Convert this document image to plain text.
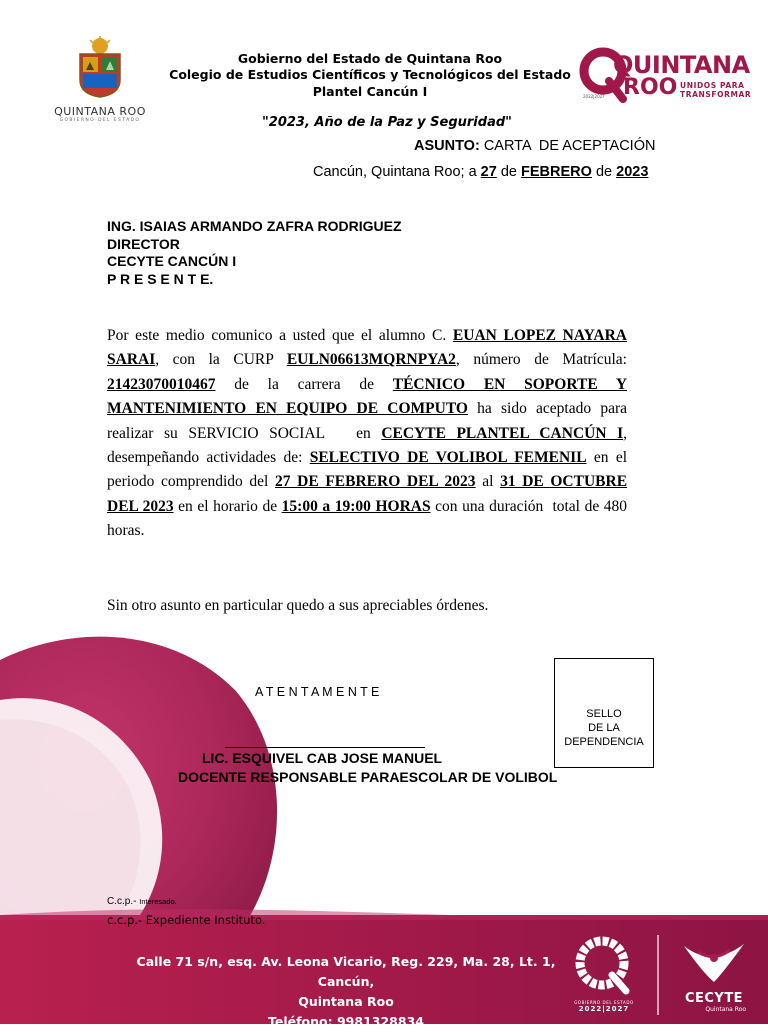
QUINTANA ROO
GOBIERNO DEL ESTADO
Gobierno del Estado de Quintana Roo
Colegio de Estudios Científicos y Tecnológicos del Estado
Plantel Cancún I
QUINTANA
ROO UNIDOS PARA
TRANSFORMAR
2022|2027
"2023, Año de la Paz y Seguridad"
ASUNTO: CARTA  DE ACEPTACIÓN
Cancún, Quintana Roo; a 27 de FEBRERO de 2023
ING. ISAIAS ARMANDO ZAFRA RODRIGUEZ
DIRECTOR
CECYTE CANCÚN I
P R E S E N T E.
Por este medio comunico a usted que el alumno C. EUAN LOPEZ NAYARA SARAI, con la CURP EULN06613MQRNPYA2, número de Matrícula: 21423070010467 de la carrera de TÉCNICO EN SOPORTE Y MANTENIMIENTO EN EQUIPO DE COMPUTO ha sido aceptado para realizar su SERVICIO SOCIAL   en CECYTE PLANTEL CANCÚN I, desempeñando actividades de: SELECTIVO DE VOLIBOL FEMENIL en el periodo comprendido del 27 DE FEBRERO DEL 2023 al 31 DE OCTUBRE DEL 2023 en el horario de 15:00 a 19:00 HORAS con una duración  total de 480 horas.
Sin otro asunto en particular quedo a sus apreciables órdenes.
A T E N T A M E N T E
LIC. ESQUIVEL CAB JOSE MANUEL
DOCENTE RESPONSABLE PARAESCOLAR DE VOLIBOL
SELLO
DE LA
DEPENDENCIA
C.c.p.- Interesado.
c.c.p.- Expediente Instituto.
Calle 71 s/n, esq. Av. Leona Vicario, Reg. 229, Ma. 28, Lt. 1, Cancún,
Quintana Roo
Teléfono: 9981328834
GOBIERNO DEL ESTADO
2022|2027
CECYTE
Quintana Roo
